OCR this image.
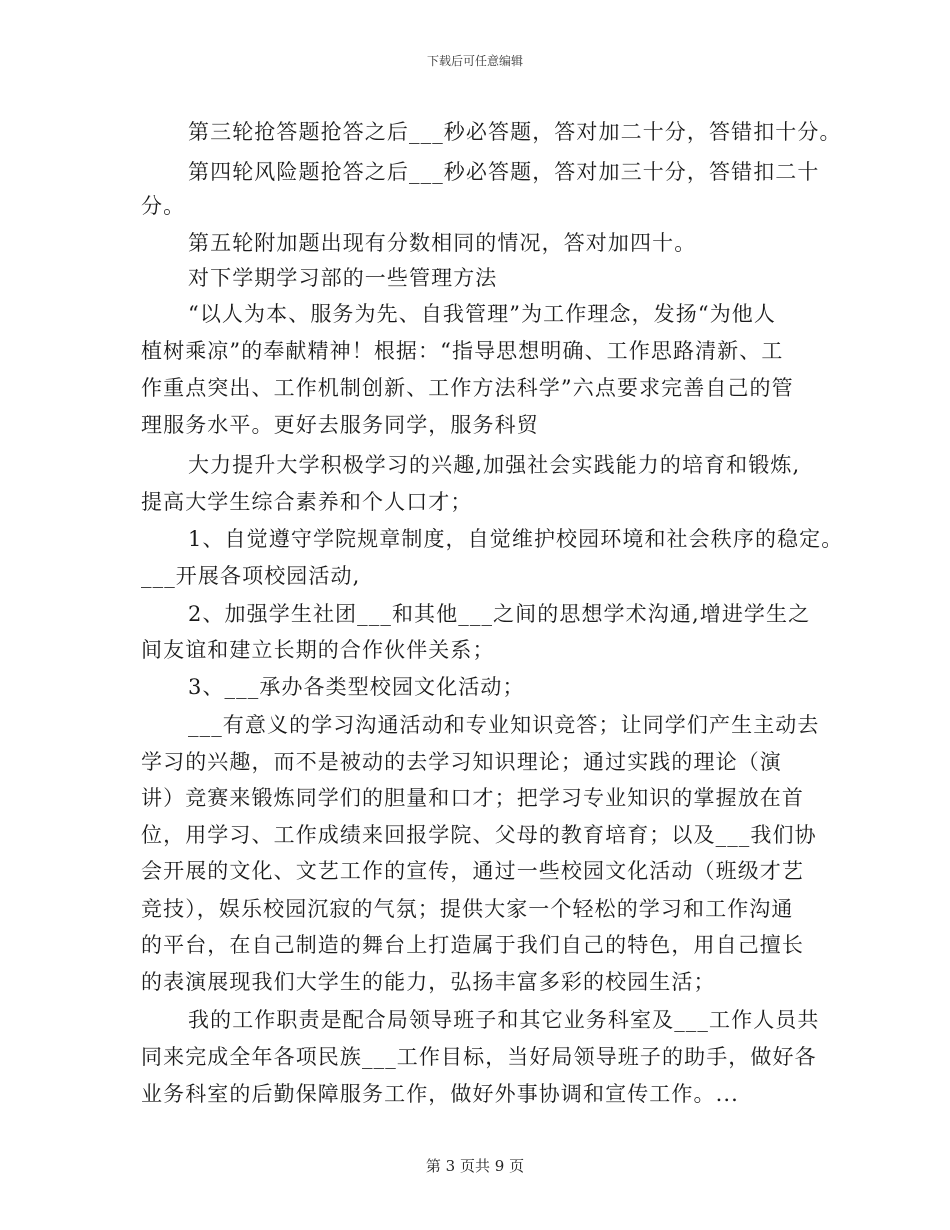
下载后可任意编辑
第三轮抢答题抢答之后___秒必答题，答对加二十分，答错扣十分。
第四轮风险题抢答之后___秒必答题，答对加三十分，答错扣二十
分。
第五轮附加题出现有分数相同的情况，答对加四十。
对下学期学习部的一些管理方法
“以人为本、服务为先、自我管理”为工作理念，发扬“为他人
植树乘凉”的奉献精神！根据：“指导思想明确、工作思路清新、工
作重点突出、工作机制创新、工作方法科学”六点要求完善自己的管
理服务水平。更好去服务同学，服务科贸
大力提升大学积极学习的兴趣,加强社会实践能力的培育和锻炼,
提高大学生综合素养和个人口才；
1、自觉遵守学院规章制度，自觉维护校园环境和社会秩序的稳定。
___开展各项校园活动,
2、加强学生社团___和其他___之间的思想学术沟通,增进学生之
间友谊和建立长期的合作伙伴关系；
3、___承办各类型校园文化活动；
___有意义的学习沟通活动和专业知识竞答；让同学们产生主动去
学习的兴趣，而不是被动的去学习知识理论；通过实践的理论（演
讲）竞赛来锻炼同学们的胆量和口才；把学习专业知识的掌握放在首
位，用学习、工作成绩来回报学院、父母的教育培育；以及___我们协
会开展的文化、文艺工作的宣传，通过一些校园文化活动（班级才艺
竞技），娱乐校园沉寂的气氛；提供大家一个轻松的学习和工作沟通
的平台，在自己制造的舞台上打造属于我们自己的特色，用自己擅长
的表演展现我们大学生的能力，弘扬丰富多彩的校园生活；
我的工作职责是配合局领导班子和其它业务科室及___工作人员共
同来完成全年各项民族___工作目标，当好局领导班子的助手，做好各
业务科室的后勤保障服务工作，做好外事协调和宣传工作。...
第 3 页共 9 页
